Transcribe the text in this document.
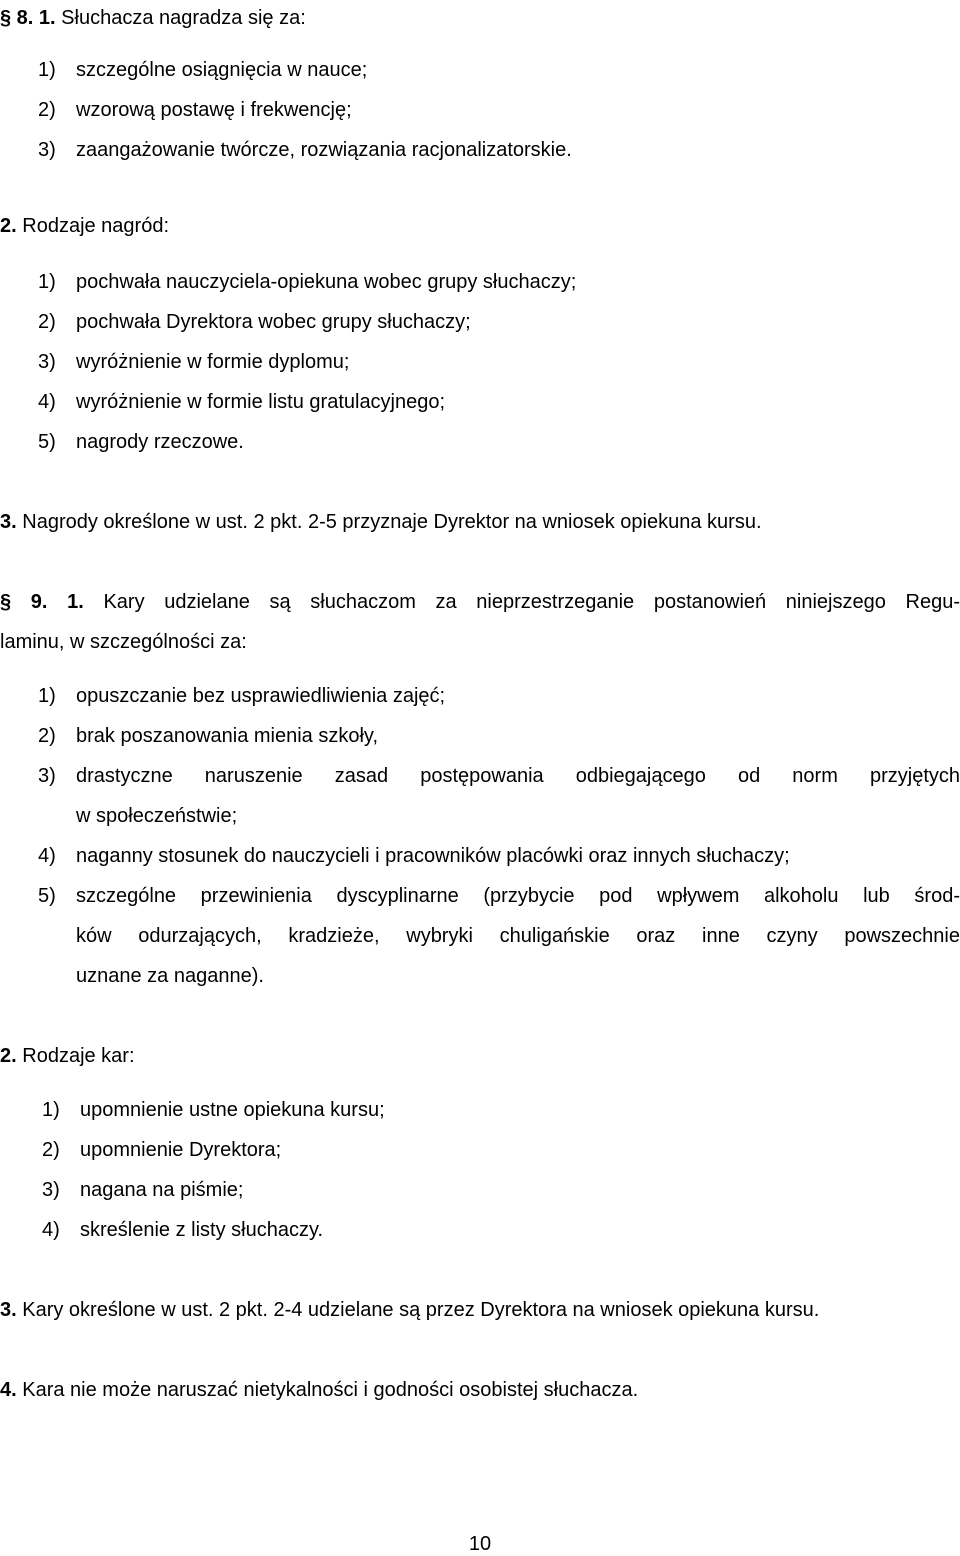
§ 8. 1. Słuchacza nagradza się za:
1)	szczególne osiągnięcia w nauce;
2)	wzorową postawę i frekwencję;
3)	zaangażowanie twórcze, rozwiązania racjonalizatorskie.
2. Rodzaje nagród:
1)	pochwała nauczyciela-opiekuna wobec grupy słuchaczy;
2)	pochwała Dyrektora wobec grupy słuchaczy;
3)	wyróżnienie w formie dyplomu;
4)	wyróżnienie w formie listu gratulacyjnego;
5)	nagrody rzeczowe.
3. Nagrody określone w ust. 2 pkt. 2-5 przyznaje Dyrektor na wniosek opiekuna kursu.
§ 9. 1. Kary udzielane są słuchaczom za nieprzestrzeganie postanowień niniejszego Regu-
laminu, w szczególności za:
1)	opuszczanie bez usprawiedliwienia zajęć;
2)	brak poszanowania mienia szkoły,
3)	drastyczne naruszenie zasad postępowania odbiegającego od norm przyjętych
w społeczeństwie;
4)	naganny stosunek do nauczycieli i pracowników placówki oraz innych słuchaczy;
5)	szczególne przewinienia dyscyplinarne (przybycie pod wpływem alkoholu lub środ-
ków odurzających, kradzieże, wybryki chuligańskie oraz inne czyny powszechnie
uznane za naganne).
2. Rodzaje kar:
1)	upomnienie ustne opiekuna kursu;
2)	upomnienie Dyrektora;
3)	nagana na piśmie;
4)	skreślenie z listy słuchaczy.
3. Kary określone w ust. 2 pkt. 2-4 udzielane są przez Dyrektora na wniosek opiekuna kursu.
4. Kara nie może naruszać nietykalności i godności osobistej słuchacza.
10
